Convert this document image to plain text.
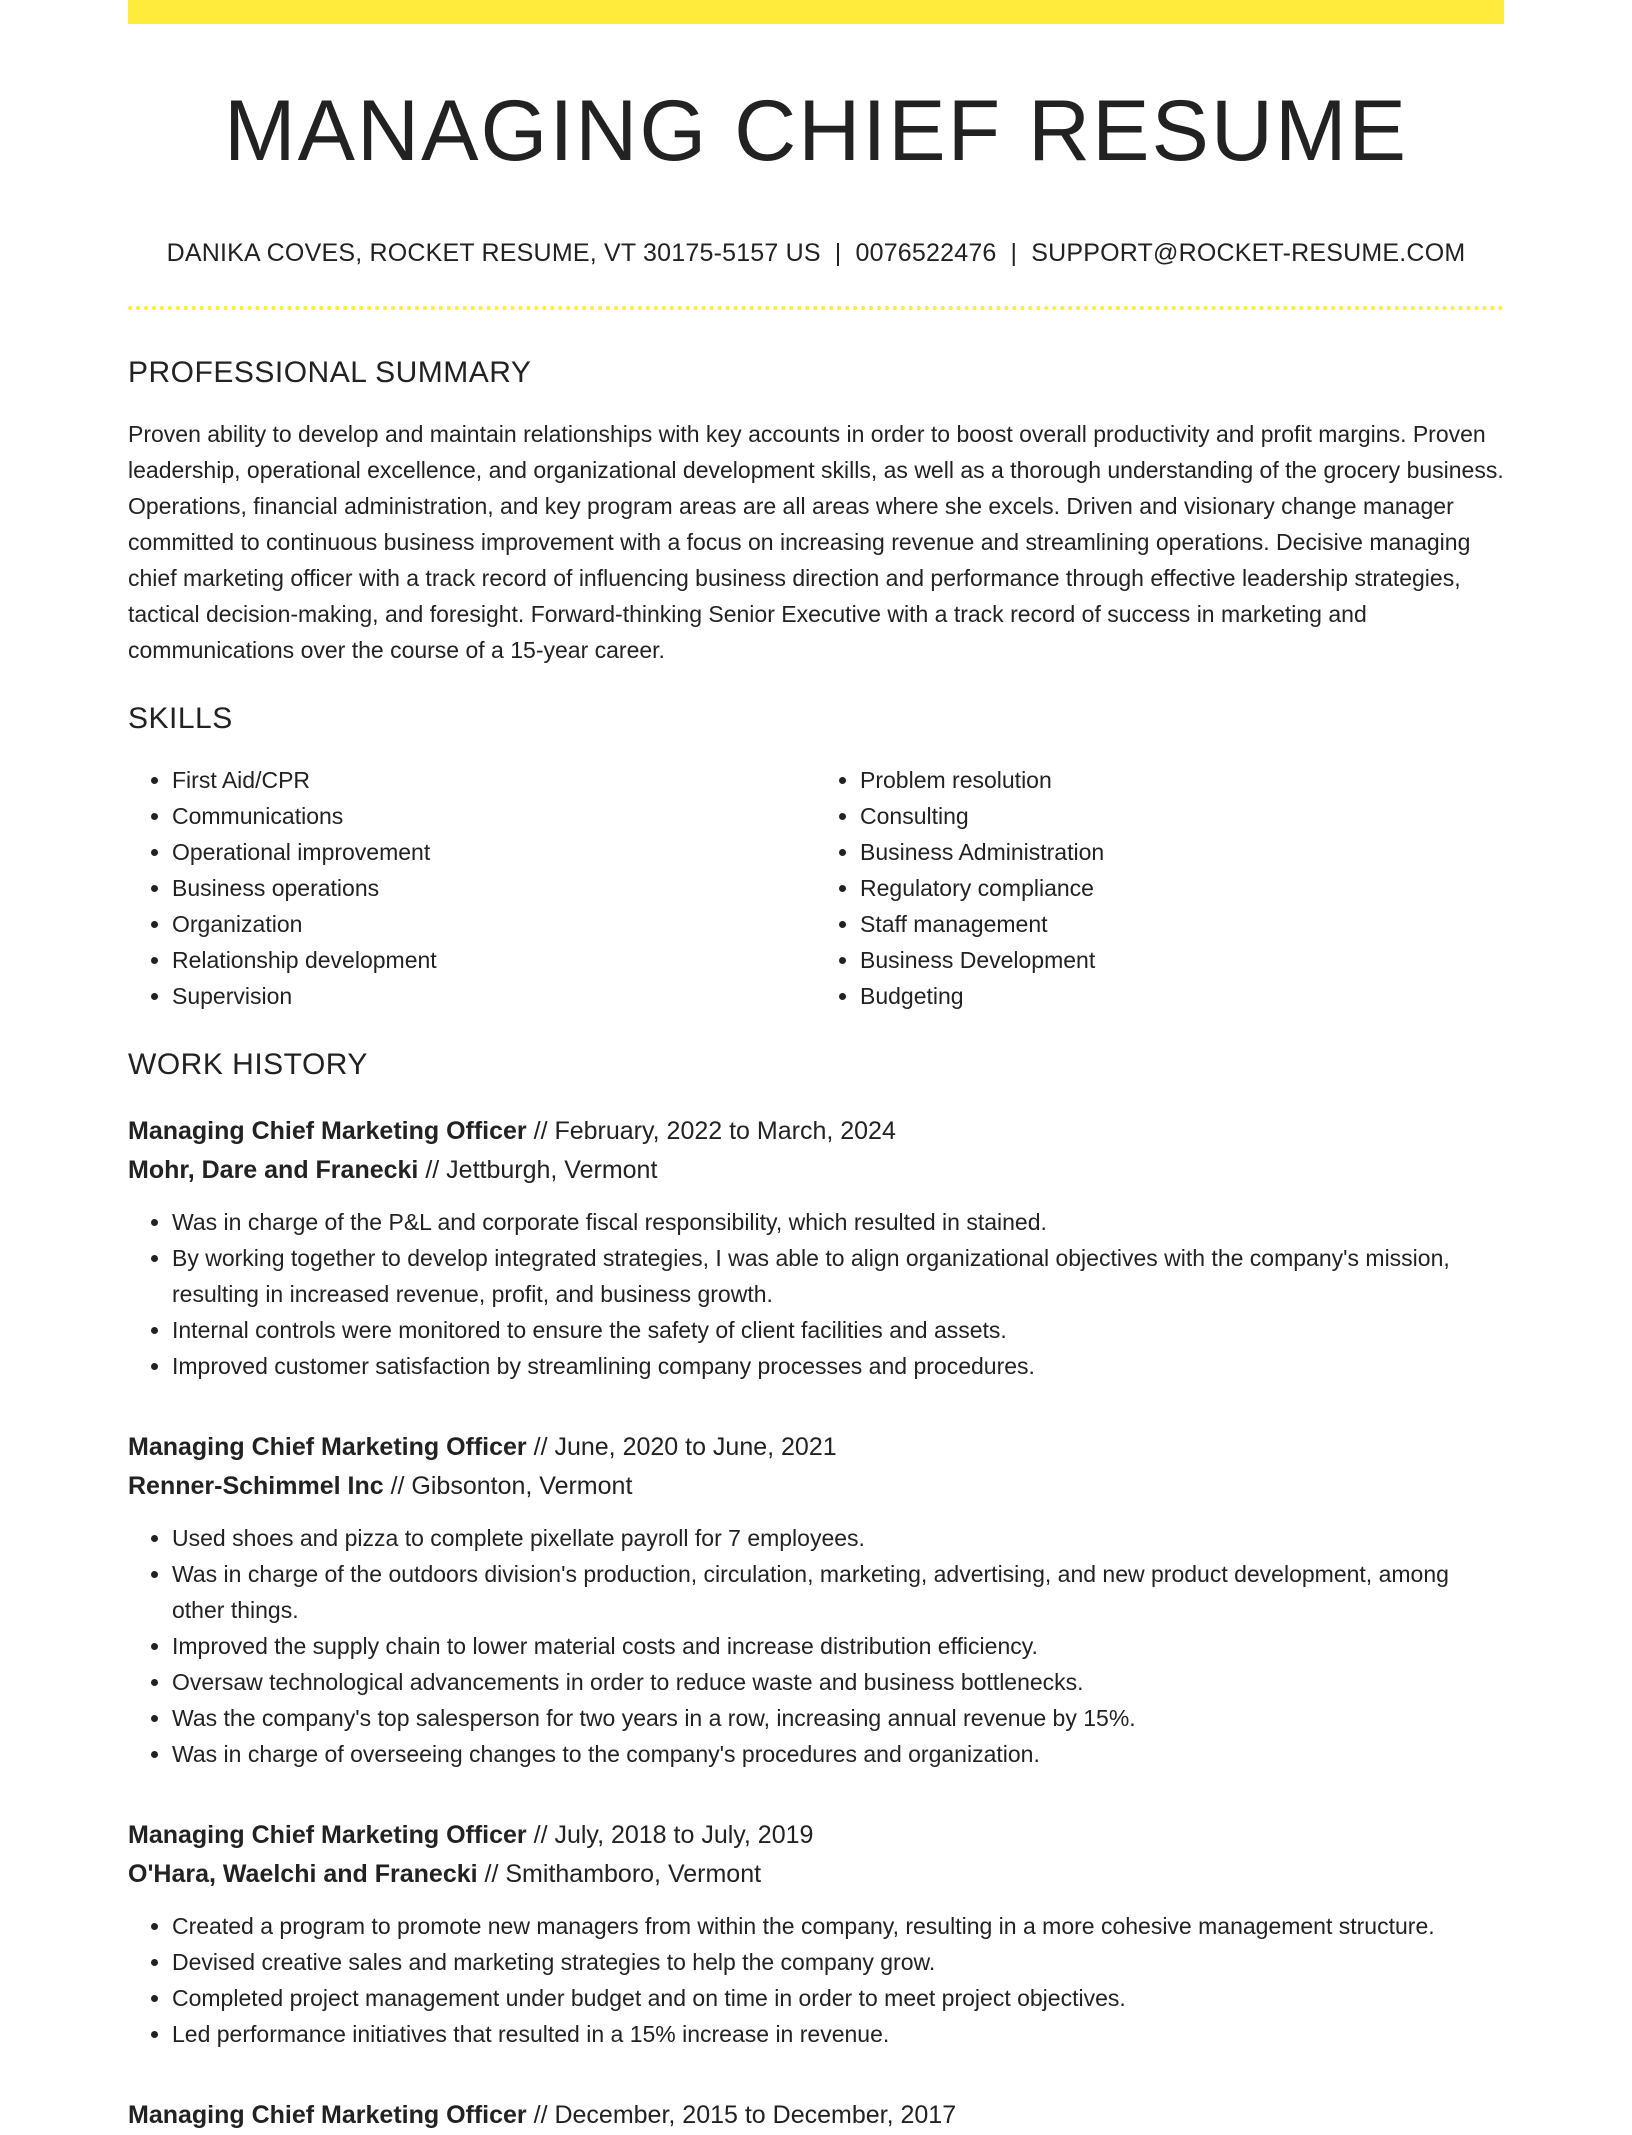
MANAGING CHIEF RESUME
DANIKA COVES, ROCKET RESUME, VT 30175-5157 US | 0076522476 | SUPPORT@ROCKET-RESUME.COM
PROFESSIONAL SUMMARY

Proven ability to develop and maintain relationships with key accounts in order to boost overall productivity and profit margins. Proven leadership, operational excellence, and organizational development skills, as well as a thorough understanding of the grocery business. Operations, financial administration, and key program areas are all areas where she excels. Driven and visionary change manager committed to continuous business improvement with a focus on increasing revenue and streamlining operations. Decisive managing chief marketing officer with a track record of influencing business direction and performance through effective leadership strategies, tactical decision-making, and foresight. Forward-thinking Senior Executive with a track record of success in marketing and communications over the course of a 15-year career.

SKILLS
• First Aid/CPR
• Communications
• Operational improvement
• Business operations
• Organization
• Relationship development
• Supervision
• Problem resolution
• Consulting
• Business Administration
• Regulatory compliance
• Staff management
• Business Development
• Budgeting
WORK HISTORY
Managing Chief Marketing Officer // February, 2022 to March, 2024
Mohr, Dare and Franecki // Jettburgh, Vermont
• Was in charge of the P&L and corporate fiscal responsibility, which resulted in stained.
• By working together to develop integrated strategies, I was able to align organizational objectives with the company's mission, resulting in increased revenue, profit, and business growth.
• Internal controls were monitored to ensure the safety of client facilities and assets.
• Improved customer satisfaction by streamlining company processes and procedures.
Managing Chief Marketing Officer // June, 2020 to June, 2021
Renner-Schimmel Inc // Gibsonton, Vermont
• Used shoes and pizza to complete pixellate payroll for 7 employees.
• Was in charge of the outdoors division's production, circulation, marketing, advertising, and new product development, among other things.
• Improved the supply chain to lower material costs and increase distribution efficiency.
• Oversaw technological advancements in order to reduce waste and business bottlenecks.
• Was the company's top salesperson for two years in a row, increasing annual revenue by 15%.
• Was in charge of overseeing changes to the company's procedures and organization.
Managing Chief Marketing Officer // July, 2018 to July, 2019
O'Hara, Waelchi and Franecki // Smithamboro, Vermont
• Created a program to promote new managers from within the company, resulting in a more cohesive management structure.
• Devised creative sales and marketing strategies to help the company grow.
• Completed project management under budget and on time in order to meet project objectives.
• Led performance initiatives that resulted in a 15% increase in revenue.
Managing Chief Marketing Officer // December, 2015 to December, 2017
